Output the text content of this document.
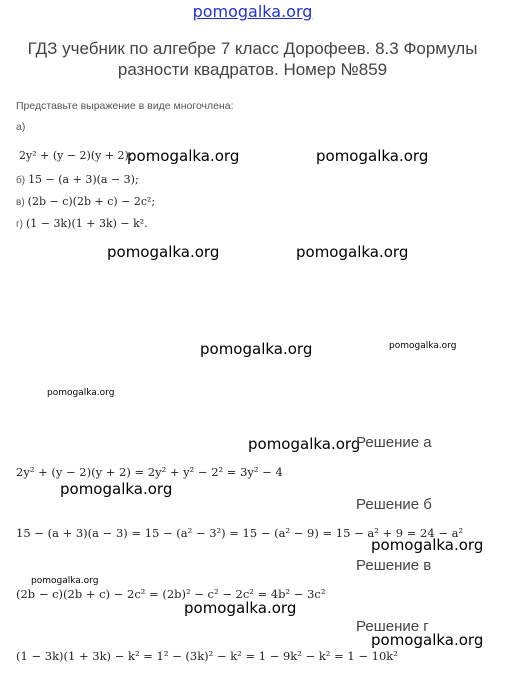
pomogalka.org
ГДЗ учебник по алгебре 7 класс Дорофеев. 8.3 Формулы разности квадратов. Номер №859
Представьте выражение в виде многочлена:
а)
2y² + (y − 2)(y + 2);
б) 15 − (a + 3)(a − 3);
в) (2b − c)(2b + c) − 2c²;
г) (1 − 3k)(1 + 3k) − k².
pomogalka.org	pomogalka.org
pomogalka.org	pomogalka.org
pomogalka.org	pomogalka.org
pomogalka.org
pomogalka.org
pomogalka.org
pomogalka.org
pomogalka.org
pomogalka.org
pomogalka.org
Решение а
2y² + (y − 2)(y + 2) = 2y² + y² − 2² = 3y² − 4
Решение б
15 − (a + 3)(a − 3) = 15 − (a² − 3²) = 15 − (a² − 9) = 15 − a² + 9 = 24 − a²
Решение в
(2b − c)(2b + c) − 2c² = (2b)² − c² − 2c² = 4b² − 3c²
Решение г
(1 − 3k)(1 + 3k) − k² = 1² − (3k)² − k² = 1 − 9k² − k² = 1 − 10k²
